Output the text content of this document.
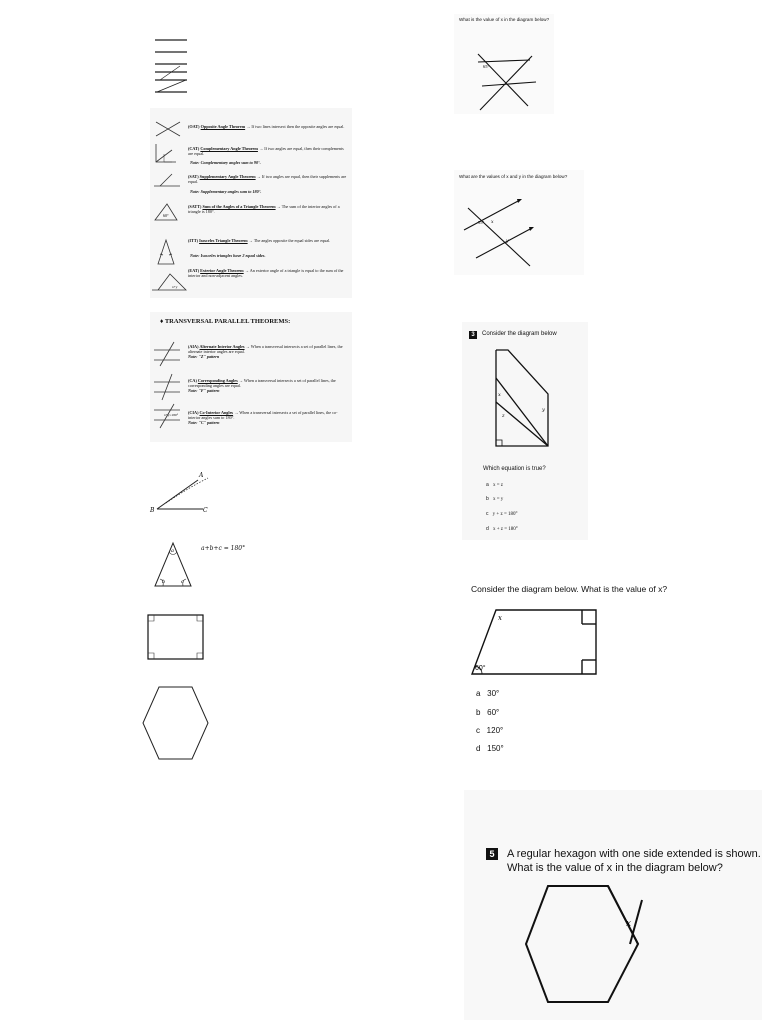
60°
x+y
(OAT) Opposite Angle Theorem → If two lines intersect then the opposite angles are equal.
(CAT) Complementary Angle Theorem → If two angles are equal, then their complements are equal.
Note: Complementary angles sum to 90°.
(SAT) Supplementary Angle Theorem → If two angles are equal, then their supplements are equal.
Note: Supplementary angles sum to 180°.
(SATT) Sum of the Angles of a Triangle Theorem → The sum of the interior angles of a triangle is 180°.
(ITT) Isosceles Triangle Theorem → The angles opposite the equal sides are equal.
Note: Isosceles triangles have 2 equal sides.
(EAT) Exterior Angle Theorem → An exterior angle of a triangle is equal to the sum of the interior and non-adjacent angles.
♦ TRANSVERSAL PARALLEL THEOREMS:
x+y=180°
(AIA) Alternate Interior Angles → When a transversal intersects a set of parallel lines, the alternate interior angles are equal.
Note: "Z" pattern
(CA) Corresponding Angles → When a transversal intersects a set of parallel lines, the corresponding angles are equal.
Note: "F" pattern
(CIA) Co-Interior Angles → When a transversal intersects a set of parallel lines, the co-interior angles sum to 180°.
Note: "C" pattern
A
B	C
a
b	c
a+b+c = 180°
What is the value of x in the diagram below?
65°
What are the values of x and y in the diagram below?
55° x
y
3	Consider the diagram below
x
y
z
Which equation is true?
a x = z
b x = y
c y + z = 180°
d x + z = 180°
Consider the diagram below. What is the value of x?
60°
x
a 30°
b 60°
c 120°
d 150°
5	A regular hexagon with one side extended is shown.
What is the value of x in the diagram below?
x
